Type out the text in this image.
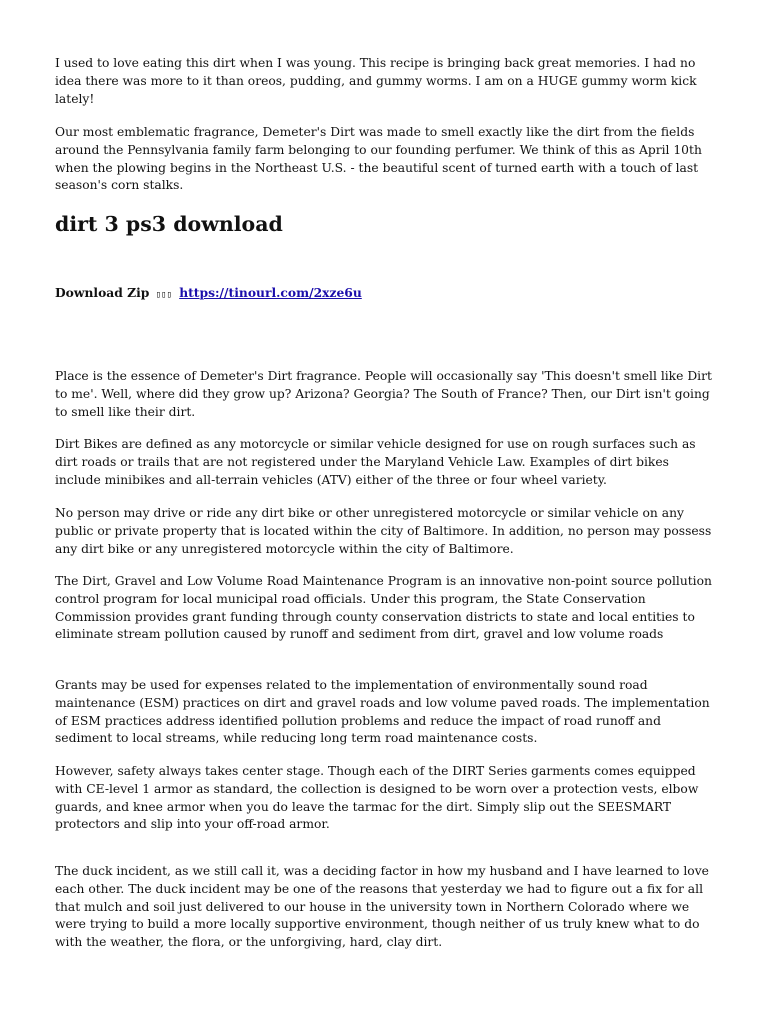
I used to love eating this dirt when I was young. This recipe is bringing back great memories. I had no idea there was more to it than oreos, pudding, and gummy worms. I am on a HUGE gummy worm kick lately!

Our most emblematic fragrance, Demeter's Dirt was made to smell exactly like the dirt from the fields around the Pennsylvania family farm belonging to our founding perfumer. We think of this as April 10th when the plowing begins in the Northeast U.S. - the beautiful scent of turned earth with a touch of last season's corn stalks.

dirt 3 ps3 download
Download Zip ▯▯▯ https://tinourl.com/2xze6u

Place is the essence of Demeter's Dirt fragrance. People will occasionally say 'This doesn't smell like Dirt to me'. Well, where did they grow up? Arizona? Georgia? The South of France? Then, our Dirt isn't going to smell like their dirt.

Dirt Bikes are defined as any motorcycle or similar vehicle designed for use on rough surfaces such as dirt roads or trails that are not registered under the Maryland Vehicle Law. Examples of dirt bikes include minibikes and all-terrain vehicles (ATV) either of the three or four wheel variety.

No person may drive or ride any dirt bike or other unregistered motorcycle or similar vehicle on any public or private property that is located within the city of Baltimore. In addition, no person may possess any dirt bike or any unregistered motorcycle within the city of Baltimore.

The Dirt, Gravel and Low Volume Road Maintenance Program is an innovative non-point source pollution control program for local municipal road officials. Under this program, the State Conservation Commission provides grant funding through county conservation districts to state and local entities to eliminate stream pollution caused by runoff and sediment from dirt, gravel and low volume roads

Grants may be used for expenses related to the implementation of environmentally sound road maintenance (ESM) practices on dirt and gravel roads and low volume paved roads. The implementation of ESM practices address identified pollution problems and reduce the impact of road runoff and sediment to local streams, while reducing long term road maintenance costs.

However, safety always takes center stage. Though each of the DIRT Series garments comes equipped with CE-level 1 armor as standard, the collection is designed to be worn over a protection vests, elbow guards, and knee armor when you do leave the tarmac for the dirt. Simply slip out the SEESMART protectors and slip into your off-road armor.

The duck incident, as we still call it, was a deciding factor in how my husband and I have learned to love each other. The duck incident may be one of the reasons that yesterday we had to figure out a fix for all that mulch and soil just delivered to our house in the university town in Northern Colorado where we were trying to build a more locally supportive environment, though neither of us truly knew what to do with the weather, the flora, or the unforgiving, hard, clay dirt.
